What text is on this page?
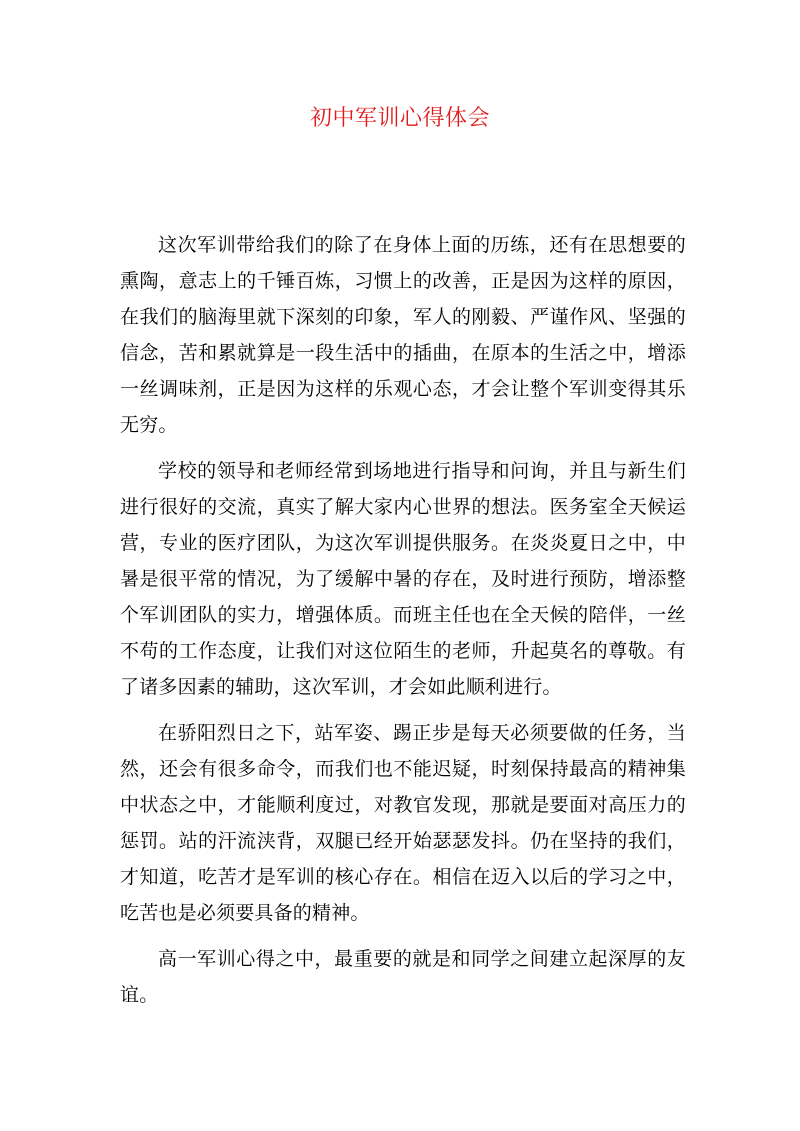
初中军训心得体会

这次军训带给我们的除了在身体上面的历练，还有在思想要的熏陶，意志上的千锤百炼，习惯上的改善，正是因为这样的原因，在我们的脑海里就下深刻的印象，军人的刚毅、严谨作风、坚强的信念，苦和累就算是一段生活中的插曲，在原本的生活之中，增添一丝调味剂，正是因为这样的乐观心态，才会让整个军训变得其乐无穷。

学校的领导和老师经常到场地进行指导和问询，并且与新生们进行很好的交流，真实了解大家内心世界的想法。医务室全天候运营，专业的医疗团队，为这次军训提供服务。在炎炎夏日之中，中暑是很平常的情况，为了缓解中暑的存在，及时进行预防，增添整个军训团队的实力，增强体质。而班主任也在全天候的陪伴，一丝不苟的工作态度，让我们对这位陌生的老师，升起莫名的尊敬。有了诸多因素的辅助，这次军训，才会如此顺利进行。

在骄阳烈日之下，站军姿、踢正步是每天必须要做的任务，当然，还会有很多命令，而我们也不能迟疑，时刻保持最高的精神集中状态之中，才能顺利度过，对教官发现，那就是要面对高压力的惩罚。站的汗流浃背，双腿已经开始瑟瑟发抖。仍在坚持的我们，才知道，吃苦才是军训的核心存在。相信在迈入以后的学习之中，吃苦也是必须要具备的精神。

高一军训心得之中，最重要的就是和同学之间建立起深厚的友谊。
